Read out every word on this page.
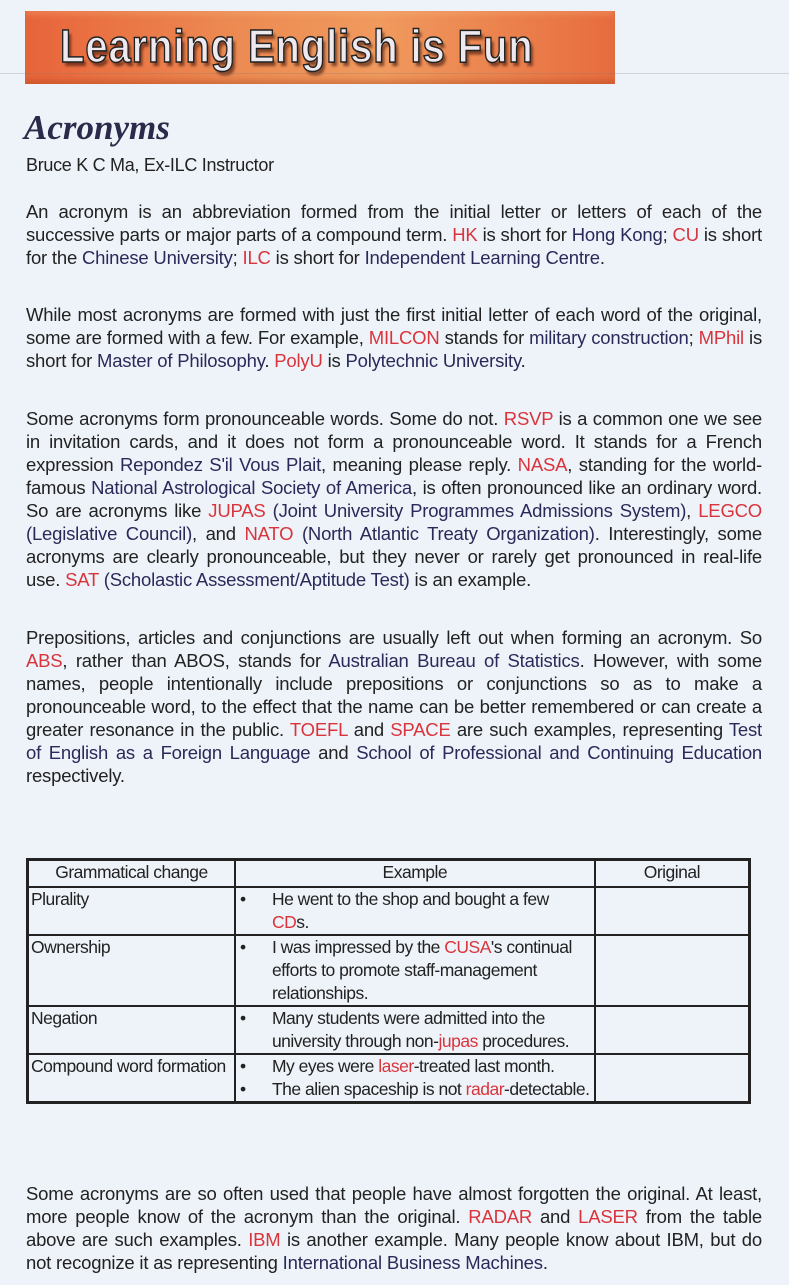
Learning English is Fun
Acronyms
Bruce K C Ma, Ex-ILC Instructor
An acronym is an abbreviation formed from the initial letter or letters of each of the successive parts or major parts of a compound term. HK is short for Hong Kong; CU is short for the Chinese University; ILC is short for Independent Learning Centre.
While most acronyms are formed with just the first initial letter of each word of the original, some are formed with a few. For example, MILCON stands for military construction; MPhil is short for Master of Philosophy. PolyU is Polytechnic University.
Some acronyms form pronounceable words. Some do not. RSVP is a common one we see in invitation cards, and it does not form a pronounceable word. It stands for a French expression Repondez S'il Vous Plait, meaning please reply. NASA, standing for the world-famous National Astrological Society of America, is often pronounced like an ordinary word. So are acronyms like JUPAS (Joint University Programmes Admissions System), LEGCO (Legislative Council), and NATO (North Atlantic Treaty Organization). Interestingly, some acronyms are clearly pronounceable, but they never or rarely get pronounced in real-life use. SAT (Scholastic Assessment/Aptitude Test) is an example.
Prepositions, articles and conjunctions are usually left out when forming an acronym. So ABS, rather than ABOS, stands for Australian Bureau of Statistics. However, with some names, people intentionally include prepositions or conjunctions so as to make a pronounceable word, to the effect that the name can be better remembered or can create a greater resonance in the public. TOEFL and SPACE are such examples, representing Test of English as a Foreign Language and School of Professional and Continuing Education respectively.
Grammatical change	Example	Original
Plurality	• He went to the shop and bought a few CDs.

Ownership	• I was impressed by the CUSA's continual efforts to promote staff-management relationships.

Negation	• Many students were admitted into the university through non-jupas procedures.

Compound word formation	• My eyes were laser-treated last month.
• The alien spaceship is not radar-detectable.

Some acronyms are so often used that people have almost forgotten the original. At least, more people know of the acronym than the original. RADAR and LASER from the table above are such examples. IBM is another example. Many people know about IBM, but do not recognize it as representing International Business Machines.
